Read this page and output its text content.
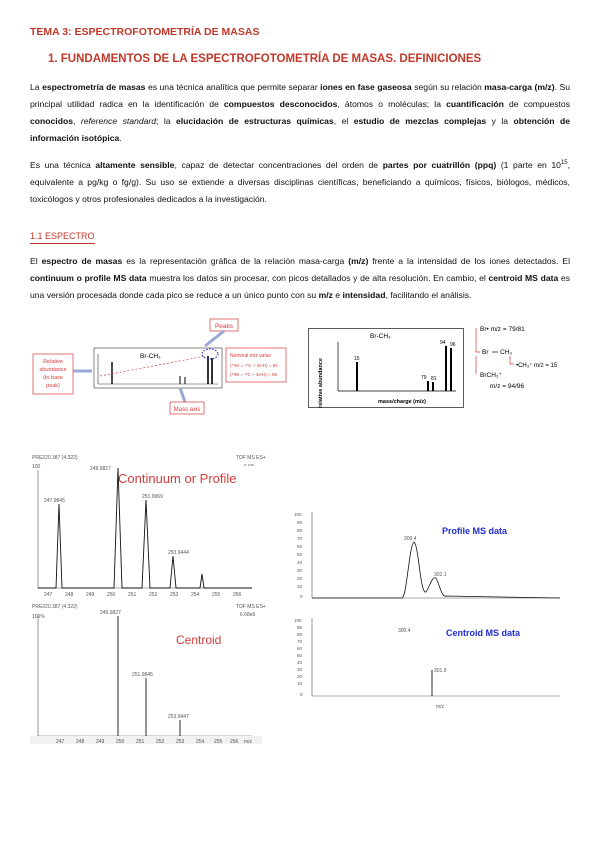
TEMA 3: ESPECTROFOTOMETRÍA DE MASAS
1. FUNDAMENTOS DE LA ESPECTROFOTOMETRÍA DE MASAS. DEFINICIONES
La espectrometría de masas es una técnica analítica que permite separar iones en fase gaseosa según su relación masa-carga (m/z). Su principal utilidad radica en la identificación de compuestos desconocidos, átomos o moléculas; la cuantificación de compuestos conocidos, reference standard; la elucidación de estructuras químicas, el estudio de mezclas complejas y la obtención de información isotópica.
Es una técnica altamente sensible, capaz de detectar concentraciones del orden de partes por cuatrillón (ppq) (1 parte en $10^{15}$, equivalente a pg/kg o fg/g). Su uso se extiende a diversas disciplinas científicas, beneficiando a químicos, físicos, biólogos, médicos, toxicólogos y otros profesionales dedicados a la investigación.
1.1 ESPECTRO
El espectro de masas es la representación gráfica de la relación masa-carga (m/z) frente a la intensidad de los iones detectados. El continuum o profile MS data muestra los datos sin procesar, con picos detallados y de alta resolución. En cambio, el centroid MS data es una versión procesada donde cada pico se reduce a un único punto con su m/z e intensidad, facilitando el análisis.
Peaks
Relative
abundance
(to base
peak)
Br-CH₃	Nominal m/z value
(⁷⁹Br = ⁷⁹C + 3x¹H) = 94
(⁸¹Br = ¹²C + 3x¹H) = 96
Mass axis
Br-CH₃
relative abundance	15
79 81
94 96
mass/charge (m/z)
Br• m/z = 79/81
Br CH₃
•CH₃⁺ m/z = 15
BrCH₃⁺
m/z = 94/96
PRE220.387 (4.322)
100
TOF MS ES+
Continuum or Profile
249.9827
247.9845
251.9969
253.9444
247	248	249	250	251	252	253	254	255	256
PRE220.387 (4.322)
100%
TOF MS ES+
6.68e5
Centroid
249.9827
251.9845
253.9447
247 248 249 250 251 252 253 254 255 256 m/z
Profile MS data
300.4
302.1
100
90
80
70
60
50
40
30
20
10
0
Centroid MS data
300.4
301.9
100
90
80
70
60
50
40
30
20
10
0
m/z
